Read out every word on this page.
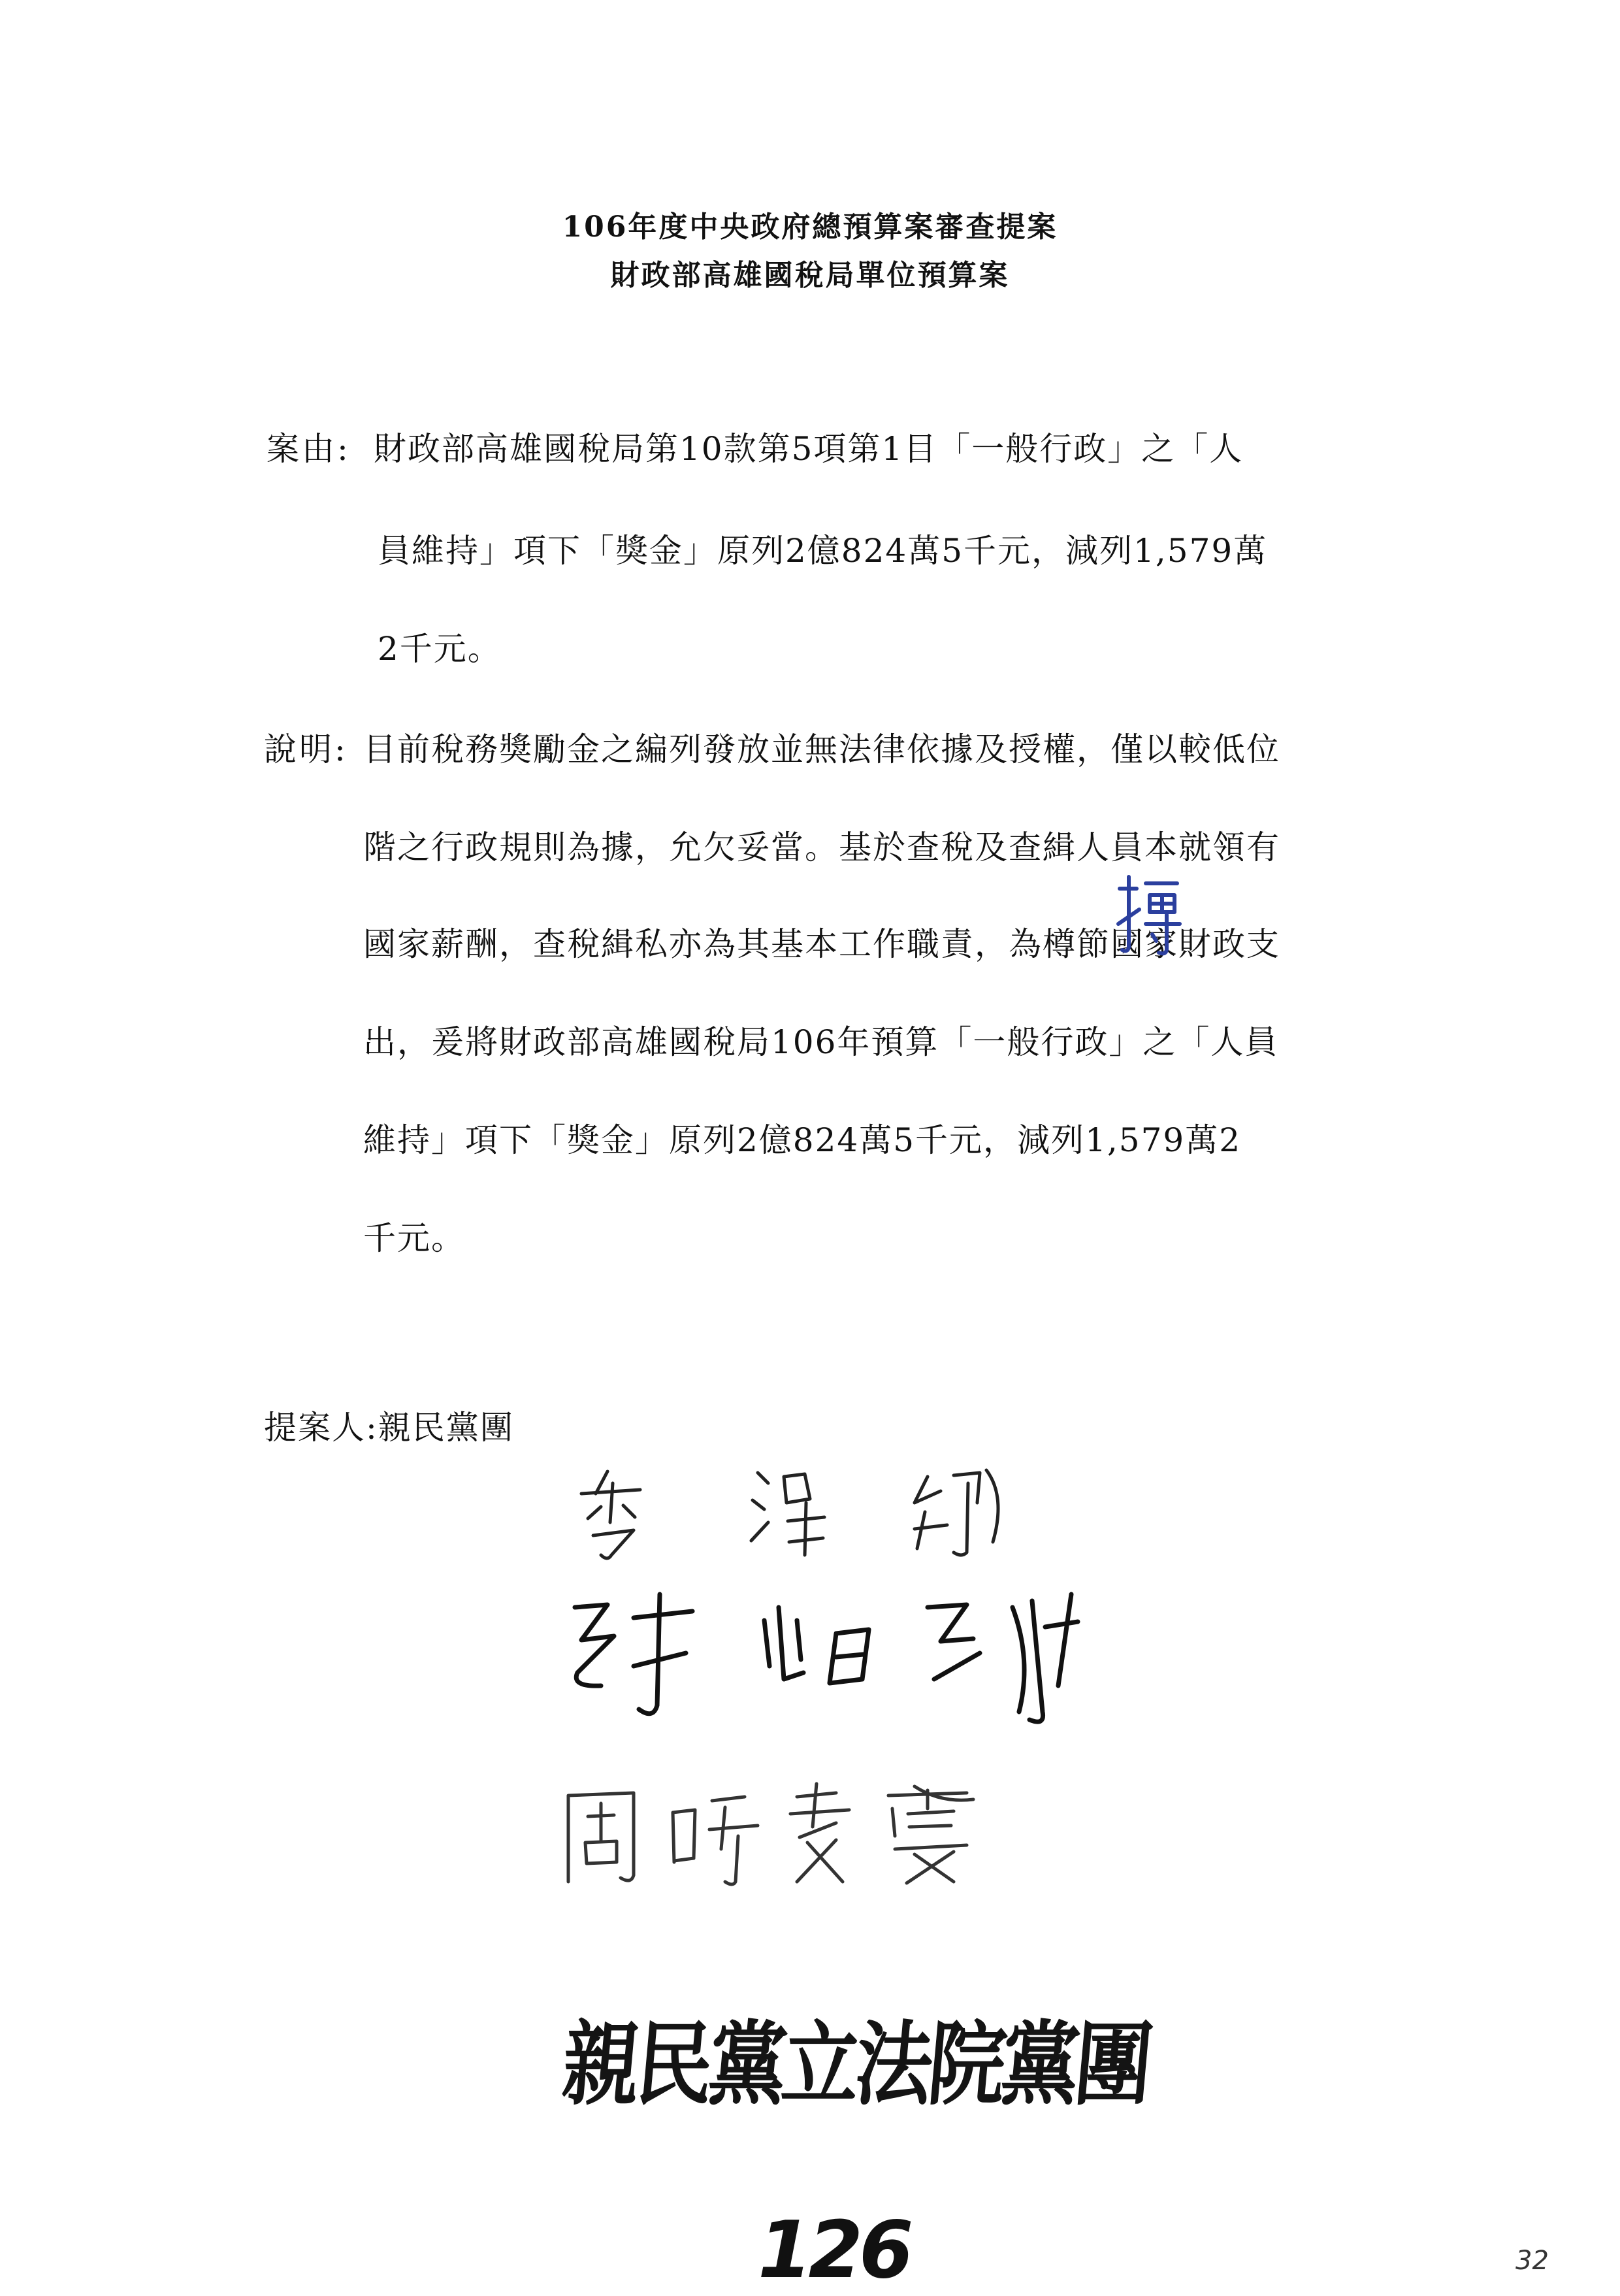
106年度中央政府總預算案審查提案
財政部高雄國稅局單位預算案
案由: 財政部高雄國稅局第10款第5項第1目「一般行政」之「人
員維持」項下「獎金」原列2億824萬5千元，減列1,579萬
2千元。
說明: 目前稅務獎勵金之編列發放並無法律依據及授權，僅以較低位
階之行政規則為據，允欠妥當。基於查稅及查緝人員本就領有
國家薪酬，查稅緝私亦為其基本工作職責，為樽節國家財政支
出，爰將財政部高雄國稅局106年預算「一般行政」之「人員
維持」項下「獎金」原列2億824萬5千元，減列1,579萬2
千元。
提案人:親民黨團
親民黨立法院黨團
126	32
